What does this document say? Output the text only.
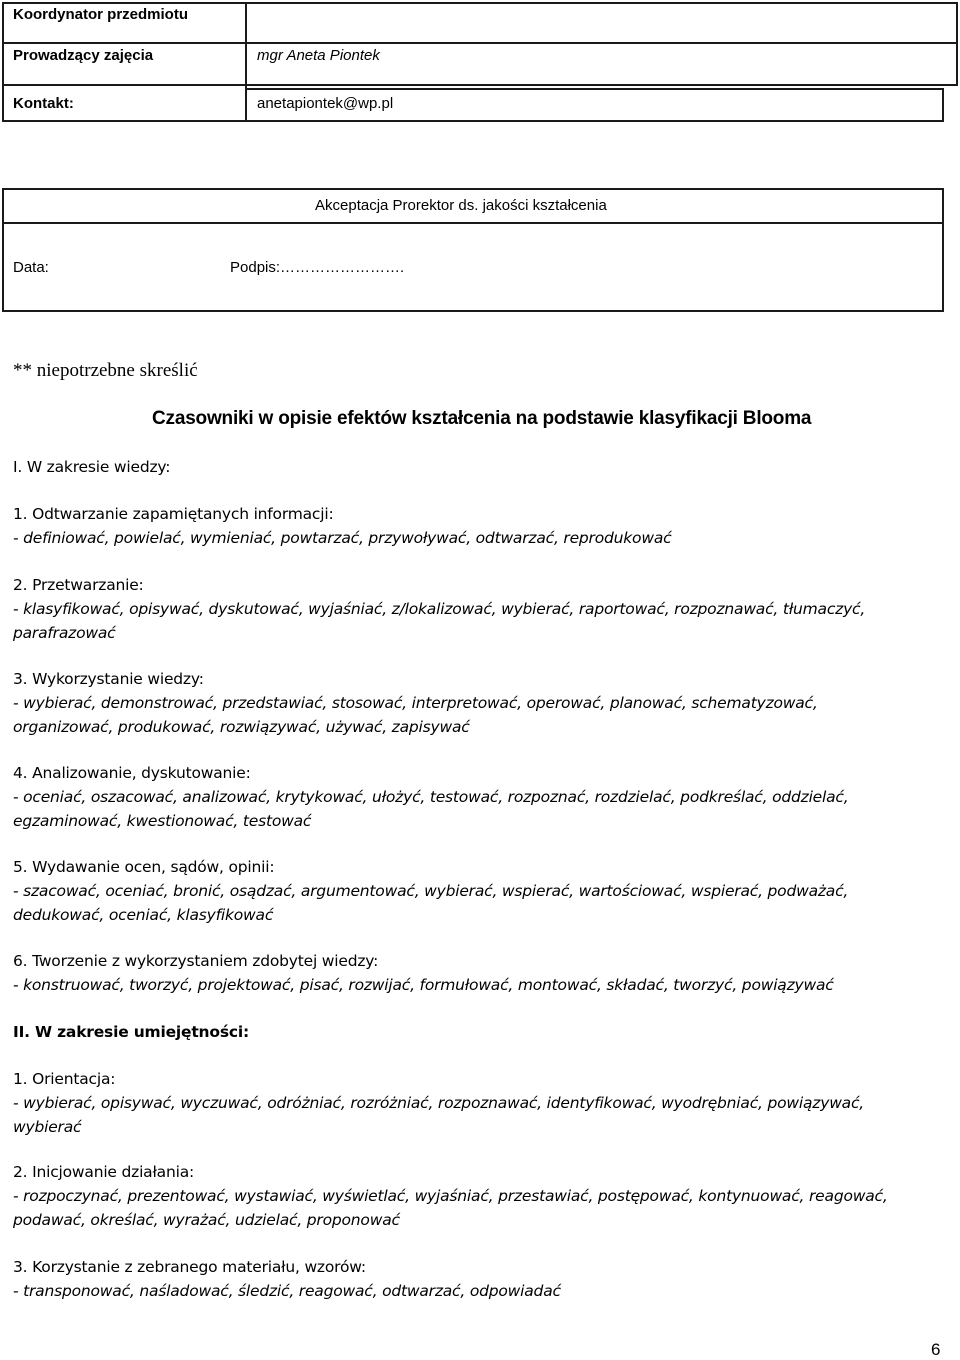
Koordynator przedmiotu
Prowadzący zajęcia	mgr Aneta Piontek
Kontakt:	anetapiontek@wp.pl
Akceptacja Prorektor ds. jakości kształcenia
Data:	Podpis:…………………….
** niepotrzebne skreślić
Czasowniki w opisie efektów kształcenia na podstawie klasyfikacji Blooma
I. W zakresie wiedzy:
1. Odtwarzanie zapamiętanych informacji:
- definiować, powielać, wymieniać, powtarzać, przywoływać, odtwarzać, reprodukować
2. Przetwarzanie:
- klasyfikować, opisywać, dyskutować, wyjaśniać, z/lokalizować, wybierać, raportować, rozpoznawać, tłumaczyć,
parafrazować
3. Wykorzystanie wiedzy:
- wybierać, demonstrować, przedstawiać, stosować, interpretować, operować, planować, schematyzować,
organizować, produkować, rozwiązywać, używać, zapisywać
4. Analizowanie, dyskutowanie:
- oceniać, oszacować, analizować, krytykować, ułożyć, testować, rozpoznać, rozdzielać, podkreślać, oddzielać,
egzaminować, kwestionować, testować
5. Wydawanie ocen, sądów, opinii:
- szacować, oceniać, bronić, osądzać, argumentować, wybierać, wspierać, wartościować, wspierać, podważać,
dedukować, oceniać, klasyfikować
6. Tworzenie z wykorzystaniem zdobytej wiedzy:
- konstruować, tworzyć, projektować, pisać, rozwijać, formułować, montować, składać, tworzyć, powiązywać
II. W zakresie umiejętności:
1. Orientacja:
- wybierać, opisywać, wyczuwać, odróżniać, rozróżniać, rozpoznawać, identyfikować, wyodrębniać, powiązywać,
wybierać
2. Inicjowanie działania:
- rozpoczynać, prezentować, wystawiać, wyświetlać, wyjaśniać, przestawiać, postępować, kontynuować, reagować,
podawać, określać, wyrażać, udzielać, proponować
3. Korzystanie z zebranego materiału, wzorów:
- transponować, naśladować, śledzić, reagować, odtwarzać, odpowiadać
6
